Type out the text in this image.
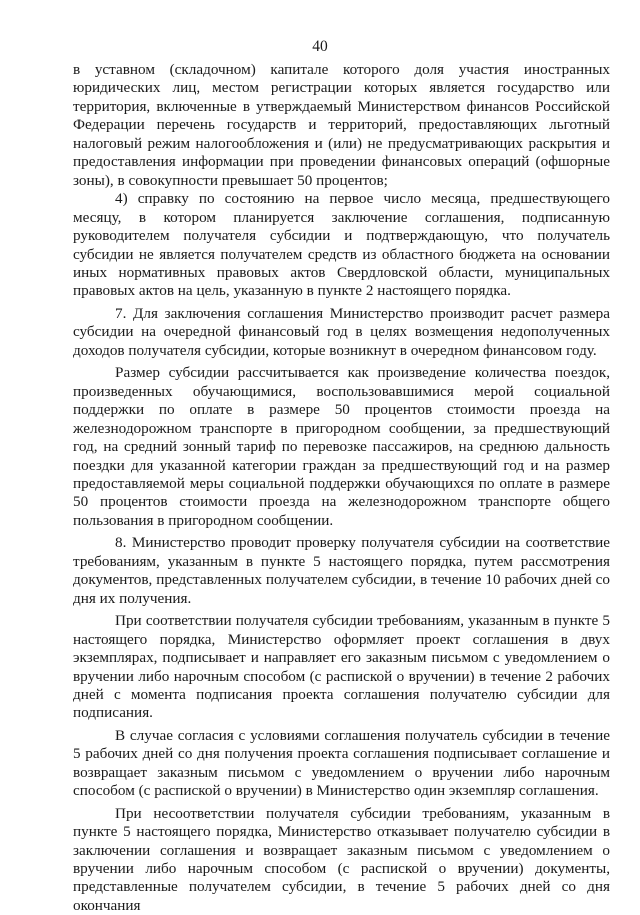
40

в уставном (складочном) капитале которого доля участия иностранных юридических лиц, местом регистрации которых является государство или территория, включенные в утверждаемый Министерством финансов Российской Федерации перечень государств и территорий, предоставляющих льготный налоговый режим налогообложения и (или) не предусматривающих раскрытия и предоставления информации при проведении финансовых операций (офшорные зоны), в совокупности превышает 50 процентов;

4) справку по состоянию на первое число месяца, предшествующего месяцу, в котором планируется заключение соглашения, подписанную руководителем получателя субсидии и подтверждающую, что получатель субсидии не является получателем средств из областного бюджета на основании иных нормативных правовых актов Свердловской области, муниципальных правовых актов на цель, указанную в пункте 2 настоящего порядка.

7. Для заключения соглашения Министерство производит расчет размера субсидии на очередной финансовый год в целях возмещения недополученных доходов получателя субсидии, которые возникнут в очередном финансовом году.

Размер субсидии рассчитывается как произведение количества поездок, произведенных обучающимися, воспользовавшимися мерой социальной поддержки по оплате в размере 50 процентов стоимости проезда на железнодорожном транспорте в пригородном сообщении, за предшествующий год, на средний зонный тариф по перевозке пассажиров, на среднюю дальность поездки для указанной категории граждан за предшествующий год и на размер предоставляемой меры социальной поддержки обучающихся по оплате в размере 50 процентов стоимости проезда на железнодорожном транспорте общего пользования в пригородном сообщении.

8. Министерство проводит проверку получателя субсидии на соответствие требованиям, указанным в пункте 5 настоящего порядка, путем рассмотрения документов, представленных получателем субсидии, в течение 10 рабочих дней со дня их получения.

При соответствии получателя субсидии требованиям, указанным в пункте 5 настоящего порядка, Министерство оформляет проект соглашения в двух экземплярах, подписывает и направляет его заказным письмом с уведомлением о вручении либо нарочным способом (с распиской о вручении) в течение 2 рабочих дней с момента подписания проекта соглашения получателю субсидии для подписания.

В случае согласия с условиями соглашения получатель субсидии в течение 5 рабочих дней со дня получения проекта соглашения подписывает соглашение и возвращает заказным письмом с уведомлением о вручении либо нарочным способом (с распиской о вручении) в Министерство один экземпляр соглашения.

При несоответствии получателя субсидии требованиям, указанным в пункте 5 настоящего порядка, Министерство отказывает получателю субсидии в заключении соглашения и возвращает заказным письмом с уведомлением о вручении либо нарочным способом (с распиской о вручении) документы, представленные получателем субсидии, в течение 5 рабочих дней со дня окончания
